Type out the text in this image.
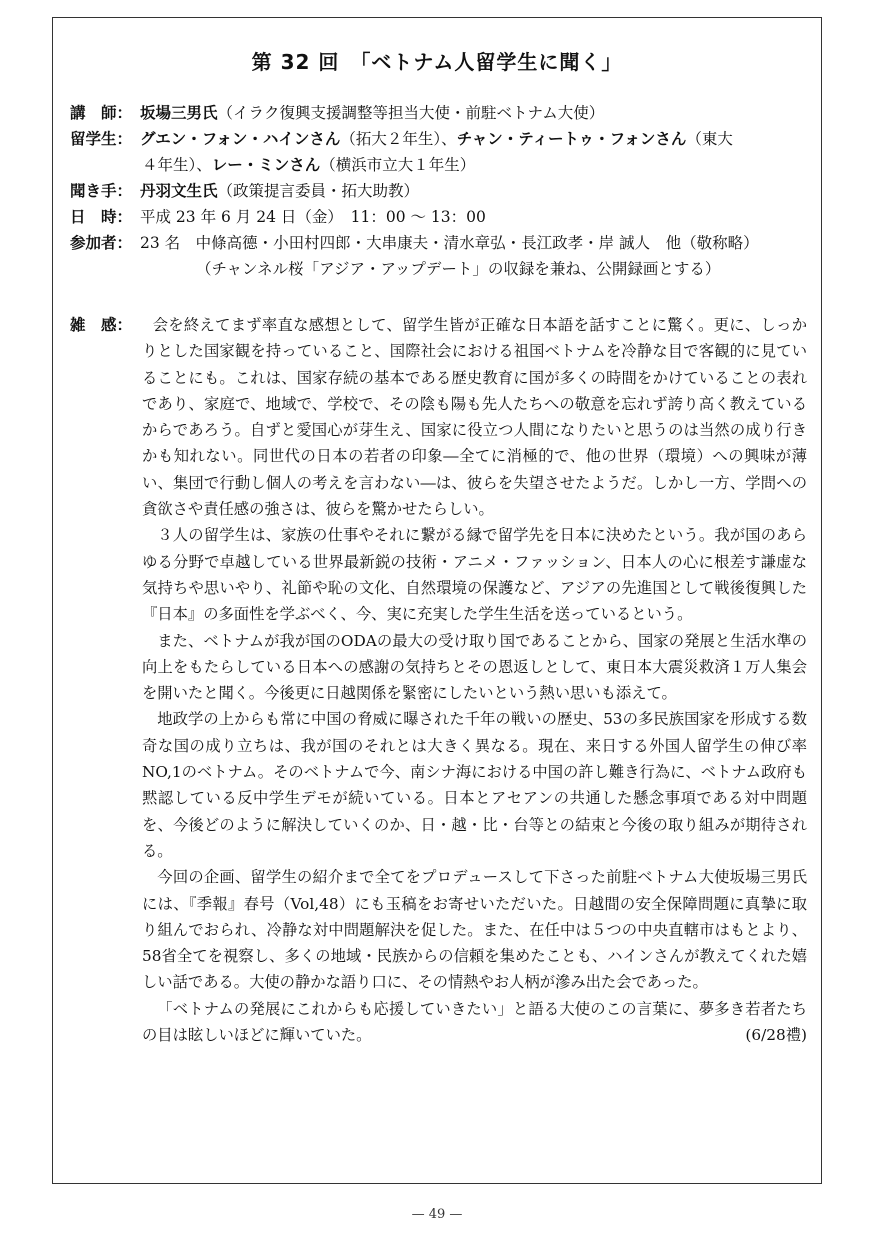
第 32 回　「ベトナム人留学生に聞く」
講　師： 坂場三男氏（イラク復興支援調整等担当大使・前駐ベトナム大使）
留学生： グエン・フォン・ハインさん（拓大２年生）、チャン・ティートゥ・フォンさん（東大
４年生）、 レー・ミンさん （横浜市立大１年生）
聞き手： 丹羽文生氏（政策提言委員・拓大助教）
日　時： 平成 23 年 6 月 24 日（金）　11：00 〜 13：00
参加者： 23 名　中條高德・小田村四郎・大串康夫・清水章弘・長江政孝・岸 誠人　他（敬称略）
（チャンネル桜「アジア・アップデート」の収録を兼ね、公開録画とする）
雑　感：	会を終えてまず率直な感想として、留学生皆が正確な日本語を話すことに驚く。更に、しっかりとした国家観を持っていること、国際社会における祖国ベトナムを冷静な目で客観的に見ていることにも。これは、国家存続の基本である歴史教育に国が多くの時間をかけていることの表れであり、家庭で、地域で、学校で、その陰も陽も先人たちへの敬意を忘れず誇り高く教えているからであろう。自ずと愛国心が芽生え、国家に役立つ人間になりたいと思うのは当然の成り行きかも知れない。同世代の日本の若者の印象―全てに消極的で、他の世界（環境）への興味が薄い、集団で行動し個人の考えを言わない―は、彼らを失望させたようだ。しかし一方、学問への貪欲さや責任感の強さは、彼らを驚かせたらしい。

３人の留学生は、家族の仕事やそれに繋がる縁で留学先を日本に決めたという。我が国のあらゆる分野で卓越している世界最新鋭の技術・アニメ・ファッション、日本人の心に根差す謙虚な気持ちや思いやり、礼節や恥の文化、自然環境の保護など、アジアの先進国として戦後復興した『日本』の多面性を学ぶべく、今、実に充実した学生生活を送っているという。

また、ベトナムが我が国のODAの最大の受け取り国であることから、国家の発展と生活水準の向上をもたらしている日本への感謝の気持ちとその恩返しとして、東日本大震災救済１万人集会を開いたと聞く。今後更に日越関係を緊密にしたいという熱い思いも添えて。

地政学の上からも常に中国の脅威に曝された千年の戦いの歴史、53の多民族国家を形成する数奇な国の成り立ちは、我が国のそれとは大きく異なる。現在、来日する外国人留学生の伸び率NO,1のベトナム。そのベトナムで今、南シナ海における中国の許し難き行為に、ベトナム政府も黙認している反中学生デモが続いている。日本とアセアンの共通した懸念事項である対中問題を、今後どのように解決していくのか、日・越・比・台等との結束と今後の取り組みが期待される。

今回の企画、留学生の紹介まで全てをプロデュースして下さった前駐ベトナム大使坂場三男氏には、『季報』春号（Vol,48）にも玉稿をお寄せいただいた。日越間の安全保障問題に真摯に取り組んでおられ、冷静な対中問題解決を促した。また、在任中は５つの中央直轄市はもとより、58省全てを視察し、多くの地域・民族からの信頼を集めたことも、ハインさんが教えてくれた嬉しい話である。大使の静かな語り口に、その情熱やお人柄が滲み出た会であった。

「ベトナムの発展にこれからも応援していきたい」と語る大使のこの言葉に、夢多き若者たちの目は眩しいほどに輝いていた。	(6/28禮)

— 49 —
